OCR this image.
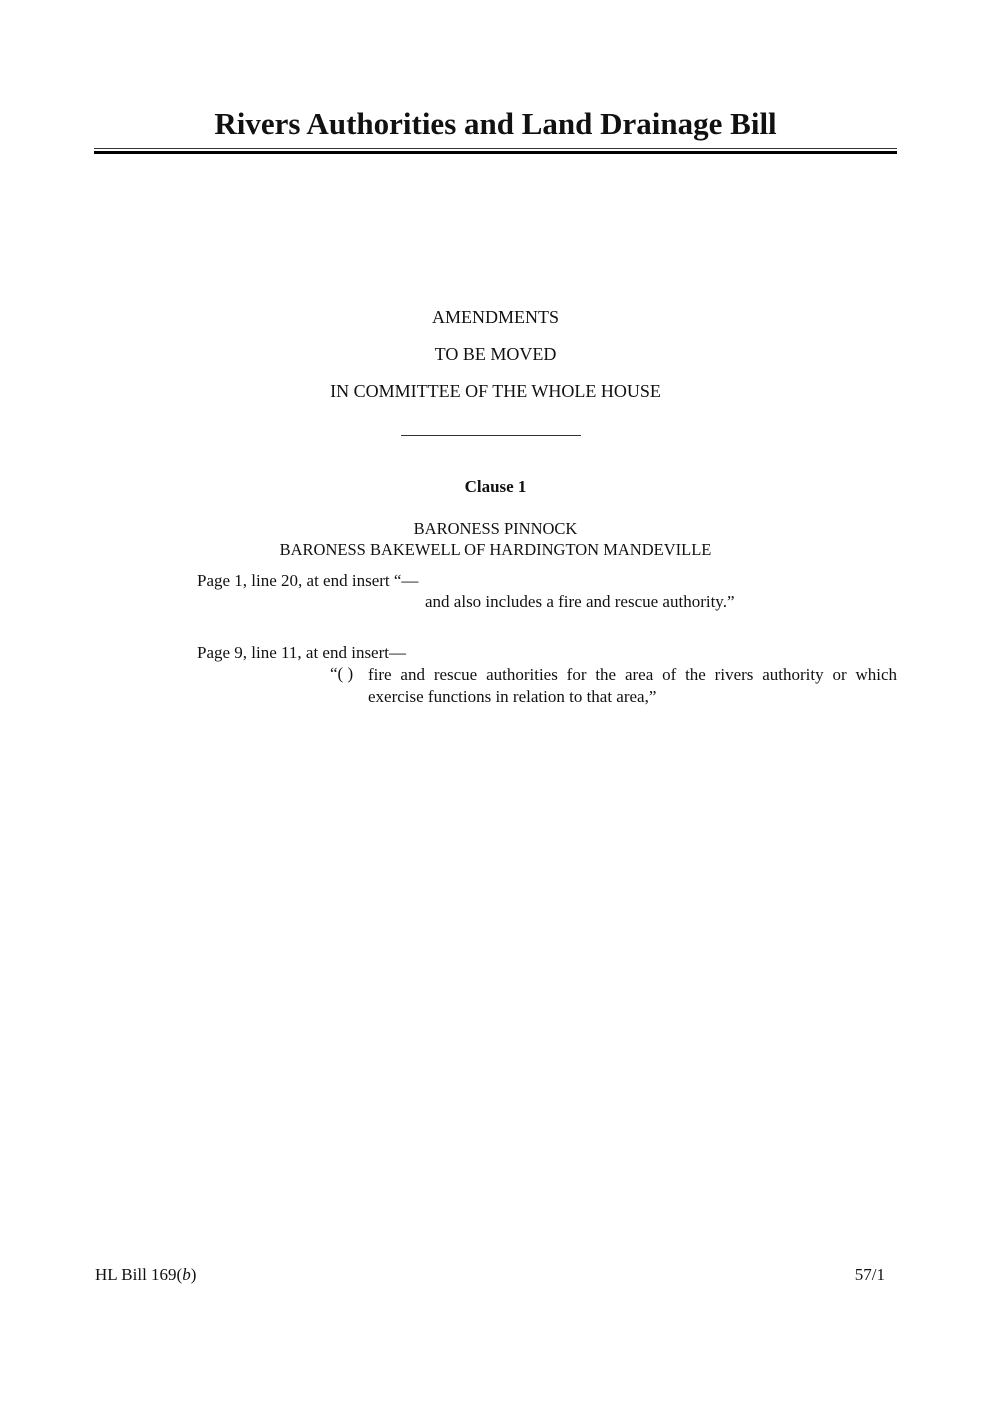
Rivers Authorities and Land Drainage Bill
AMENDMENTS
TO BE MOVED
IN COMMITTEE OF THE WHOLE HOUSE
Clause 1
BARONESS PINNOCK
BARONESS BAKEWELL OF HARDINGTON MANDEVILLE
Page 1, line 20, at end insert “—
and also includes a fire and rescue authority.”
Page 9, line 11, at end insert—
“( ) fire and rescue authorities for the area of the rivers authority or which exercise functions in relation to that area,”
HL Bill 169(b)	57/1
